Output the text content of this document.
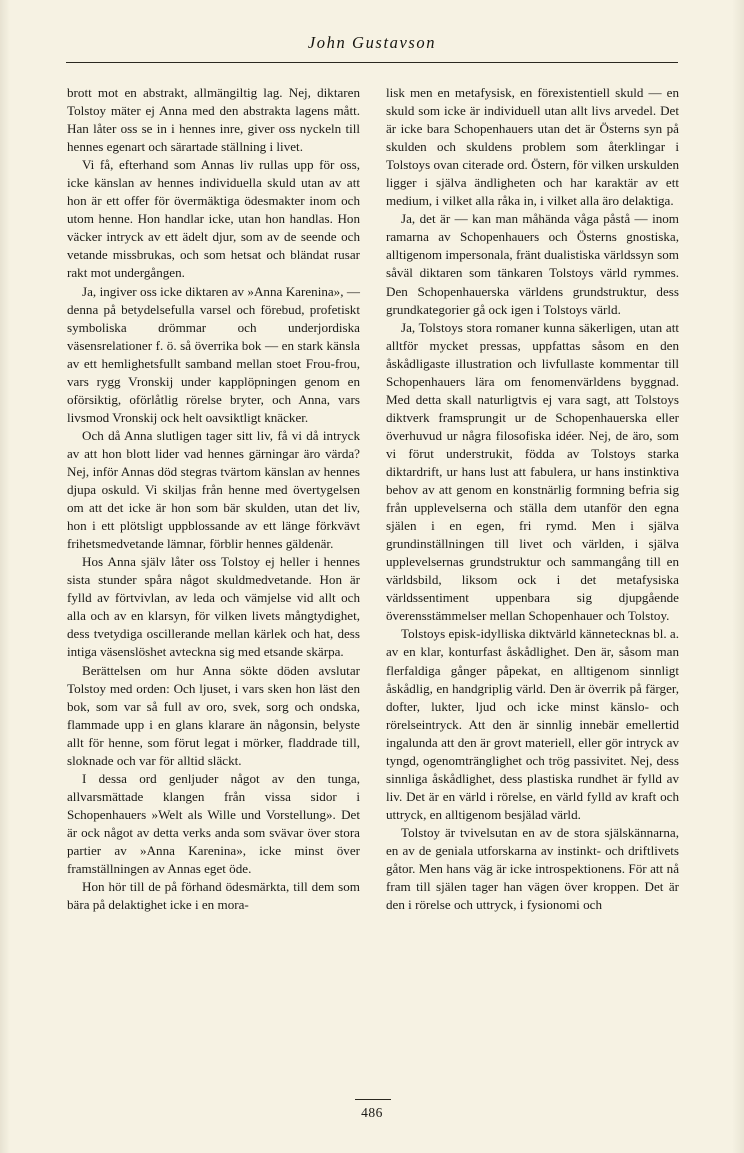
John Gustavson

brott mot en abstrakt, allmängiltig lag. Nej, diktaren Tolstoy mäter ej Anna med den abstrakta lagens mått. Han låter oss se in i hennes inre, giver oss nyckeln till hennes egenart och särartade ställning i livet.

Vi få, efterhand som Annas liv rullas upp för oss, icke känslan av hennes individuella skuld utan av att hon är ett offer för övermäktiga ödesmakter inom och utom henne. Hon handlar icke, utan hon handlas. Hon väcker intryck av ett ädelt djur, som av de seende och vetande missbrukas, och som hetsat och bländat rusar rakt mot undergången.

Ja, ingiver oss icke diktaren av »Anna Karenina», — denna på betydelsefulla varsel och förebud, profetiskt symboliska drömmar och underjordiska väsensrelationer f. ö. så överrika bok — en stark känsla av ett hemlighetsfullt samband mellan stoet Frou-frou, vars rygg Vronskij under kapplöpningen genom en oförsiktig, oförlåtlig rörelse bryter, och Anna, vars livsmod Vronskij ock helt oavsiktligt knäcker.

Och då Anna slutligen tager sitt liv, få vi då intryck av att hon blott lider vad hennes gärningar äro värda? Nej, inför Annas död stegras tvärtom känslan av hennes djupa oskuld. Vi skiljas från henne med övertygelsen om att det icke är hon som bär skulden, utan det liv, hon i ett plötsligt uppblossande av ett länge förkvävt frihetsmedvetande lämnar, förblir hennes gäldenär.

Hos Anna själv låter oss Tolstoy ej heller i hennes sista stunder spåra något skuldmedvetande. Hon är fylld av förtvivlan, av leda och vämjelse vid allt och alla och av en klarsyn, för vilken livets mångtydighet, dess tvetydiga oscillerande mellan kärlek och hat, dess intiga väsenslöshet avteckna sig med etsande skärpa.

Berättelsen om hur Anna sökte döden avslutar Tolstoy med orden: Och ljuset, i vars sken hon läst den bok, som var så full av oro, svek, sorg och ondska, flammade upp i en glans klarare än någonsin, belyste allt för henne, som förut legat i mörker, fladdrade till, sloknade och var för alltid släckt.

I dessa ord genljuder något av den tunga, allvarsmättade klangen från vissa sidor i Schopenhauers »Welt als Wille und Vorstellung». Det är ock något av detta verks anda som svävar över stora partier av »Anna Karenina», icke minst över framställningen av Annas eget öde.

Hon hör till de på förhand ödesmärkta, till dem som bära på delaktighet icke i en mora-

lisk men en metafysisk, en förexistentiell skuld — en skuld som icke är individuell utan allt livs arvedel. Det är icke bara Schopenhauers utan det är Österns syn på skulden och skuldens problem som återklingar i Tolstoys ovan citerade ord. Östern, för vilken urskulden ligger i själva ändligheten och har karaktär av ett medium, i vilket alla råka in, i vilket alla äro delaktiga.

Ja, det är — kan man måhända våga påstå — inom ramarna av Schopenhauers och Österns gnostiska, alltigenom impersonala, fränt dualistiska världssyn som såväl diktaren som tänkaren Tolstoys värld rymmes. Den Schopenhauerska världens grundstruktur, dess grundkategorier gå ock igen i Tolstoys värld.

Ja, Tolstoys stora romaner kunna säkerligen, utan att alltför mycket pressas, uppfattas såsom en den åskådligaste illustration och livfullaste kommentar till Schopenhauers lära om fenomenvärldens byggnad. Med detta skall naturligtvis ej vara sagt, att Tolstoys diktverk framsprungit ur de Schopenhauerska eller överhuvud ur några filosofiska idéer. Nej, de äro, som vi förut understrukit, födda av Tolstoys starka diktardrift, ur hans lust att fabulera, ur hans instinktiva behov av att genom en konstnärlig formning befria sig från upplevelserna och ställa dem utanför den egna själen i en egen, fri rymd. Men i själva grundinställningen till livet och världen, i själva upplevelsernas grundstruktur och sammangång till en världsbild, liksom ock i det metafysiska världssentiment uppenbara sig djupgående överensstämmelser mellan Schopenhauer och Tolstoy.

Tolstoys episk-idylliska diktvärld kännetecknas bl. a. av en klar, konturfast åskådlighet. Den är, såsom man flerfaldiga gånger påpekat, en alltigenom sinnligt åskådlig, en handgriplig värld. Den är överrik på färger, dofter, lukter, ljud och icke minst känslo- och rörelseintryck. Att den är sinnlig innebär emellertid ingalunda att den är grovt materiell, eller gör intryck av tyngd, ogenomtränglighet och trög passivitet. Nej, dess sinnliga åskådlighet, dess plastiska rundhet är fylld av liv. Det är en värld i rörelse, en värld fylld av kraft och uttryck, en alltigenom besjälad värld.

Tolstoy är tvivelsutan en av de stora själskännarna, en av de geniala utforskarna av instinkt- och driftlivets gåtor. Men hans väg är icke introspektionens. För att nå fram till själen tager han vägen över kroppen. Det är den i rörelse och uttryck, i fysionomi och

486
